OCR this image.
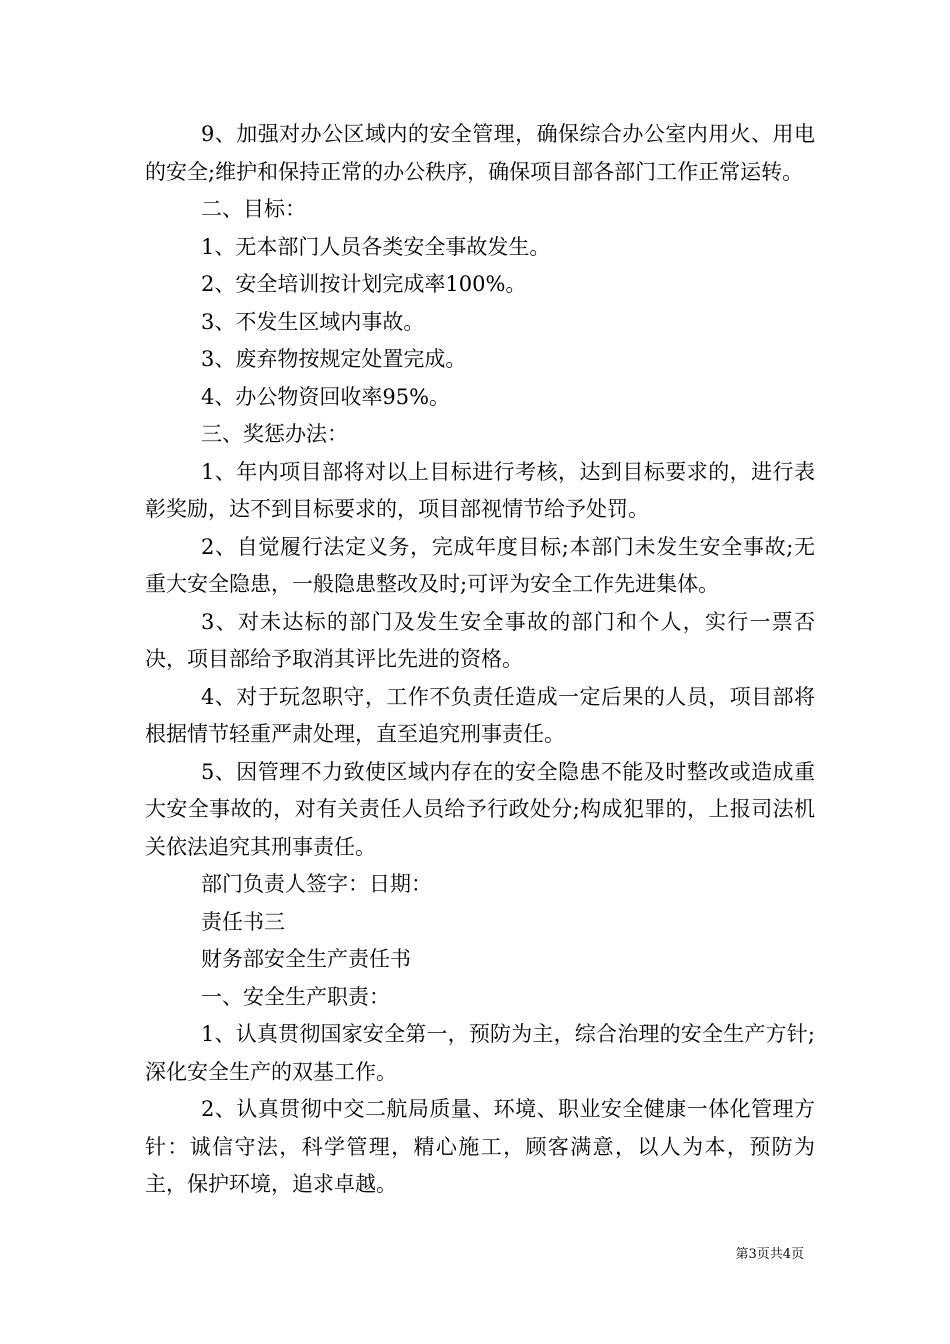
9、加强对办公区域内的安全管理，确保综合办公室内用火、用电的安全;维护和保持正常的办公秩序，确保项目部各部门工作正常运转。

二、目标：

1、无本部门人员各类安全事故发生。

2、安全培训按计划完成率100%。

3、不发生区域内事故。

3、废弃物按规定处置完成。

4、办公物资回收率95%。

三、奖惩办法：

1、年内项目部将对以上目标进行考核，达到目标要求的，进行表彰奖励，达不到目标要求的，项目部视情节给予处罚。

2、自觉履行法定义务，完成年度目标;本部门未发生安全事故;无重大安全隐患，一般隐患整改及时;可评为安全工作先进集体。

3、对未达标的部门及发生安全事故的部门和个人，实行一票否决，项目部给予取消其评比先进的资格。

4、对于玩忽职守，工作不负责任造成一定后果的人员，项目部将根据情节轻重严肃处理，直至追究刑事责任。

5、因管理不力致使区域内存在的安全隐患不能及时整改或造成重大安全事故的，对有关责任人员给予行政处分;构成犯罪的，上报司法机关依法追究其刑事责任。

部门负责人签字：日期：

责任书三

财务部安全生产责任书

一、安全生产职责：

1、认真贯彻国家安全第一，预防为主，综合治理的安全生产方针;深化安全生产的双基工作。

2、认真贯彻中交二航局质量、环境、职业安全健康一体化管理方针：诚信守法，科学管理，精心施工，顾客满意，以人为本，预防为主，保护环境，追求卓越。

第3页共4页
